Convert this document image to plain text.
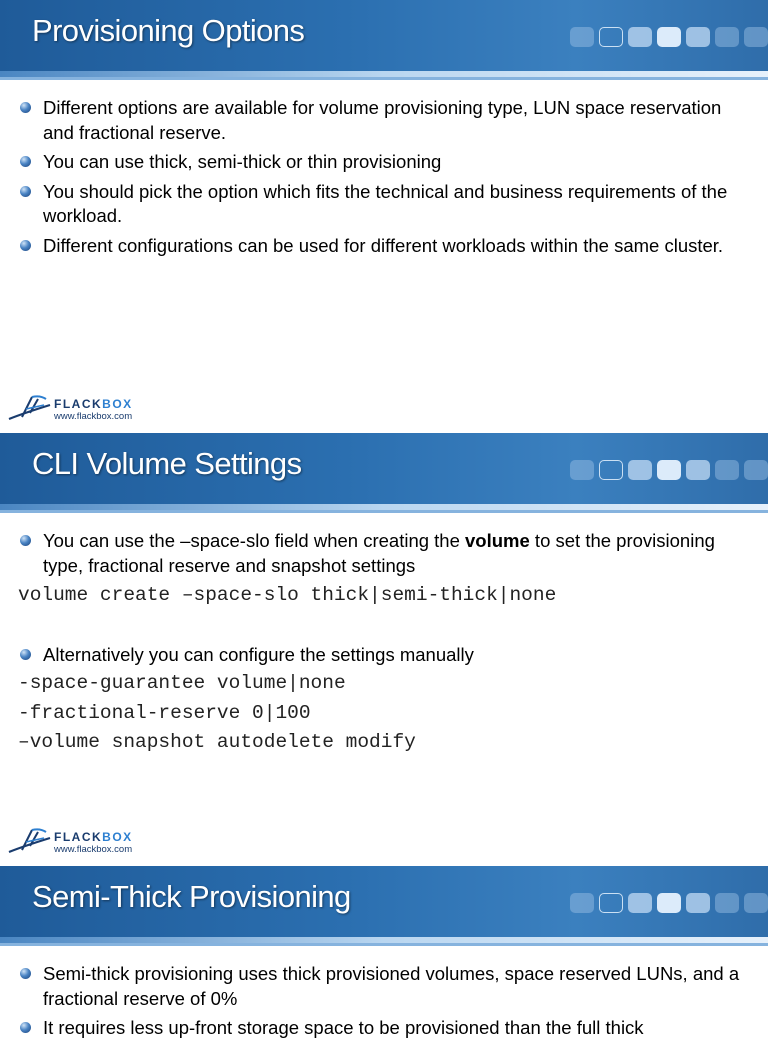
Provisioning Options
Different options are available for volume provisioning type, LUN space reservation and fractional reserve.
You can use thick, semi-thick or thin provisioning
You should pick the option which fits the technical and business requirements of the workload.
Different configurations can be used for different workloads within the same cluster.
FLACKBOX
www.flackbox.com
CLI Volume Settings
You can use the –space-slo field when creating the volume to set the provisioning type, fractional reserve and snapshot settings
volume create –space-slo thick|semi-thick|none
Alternatively you can configure the settings manually
-space-guarantee volume|none
-fractional-reserve 0|100
–volume snapshot autodelete modify
FLACKBOX
www.flackbox.com
Semi-Thick Provisioning
Semi-thick provisioning uses thick provisioned volumes, space reserved LUNs, and a fractional reserve of 0%
It requires less up-front storage space to be provisioned than the full thick
